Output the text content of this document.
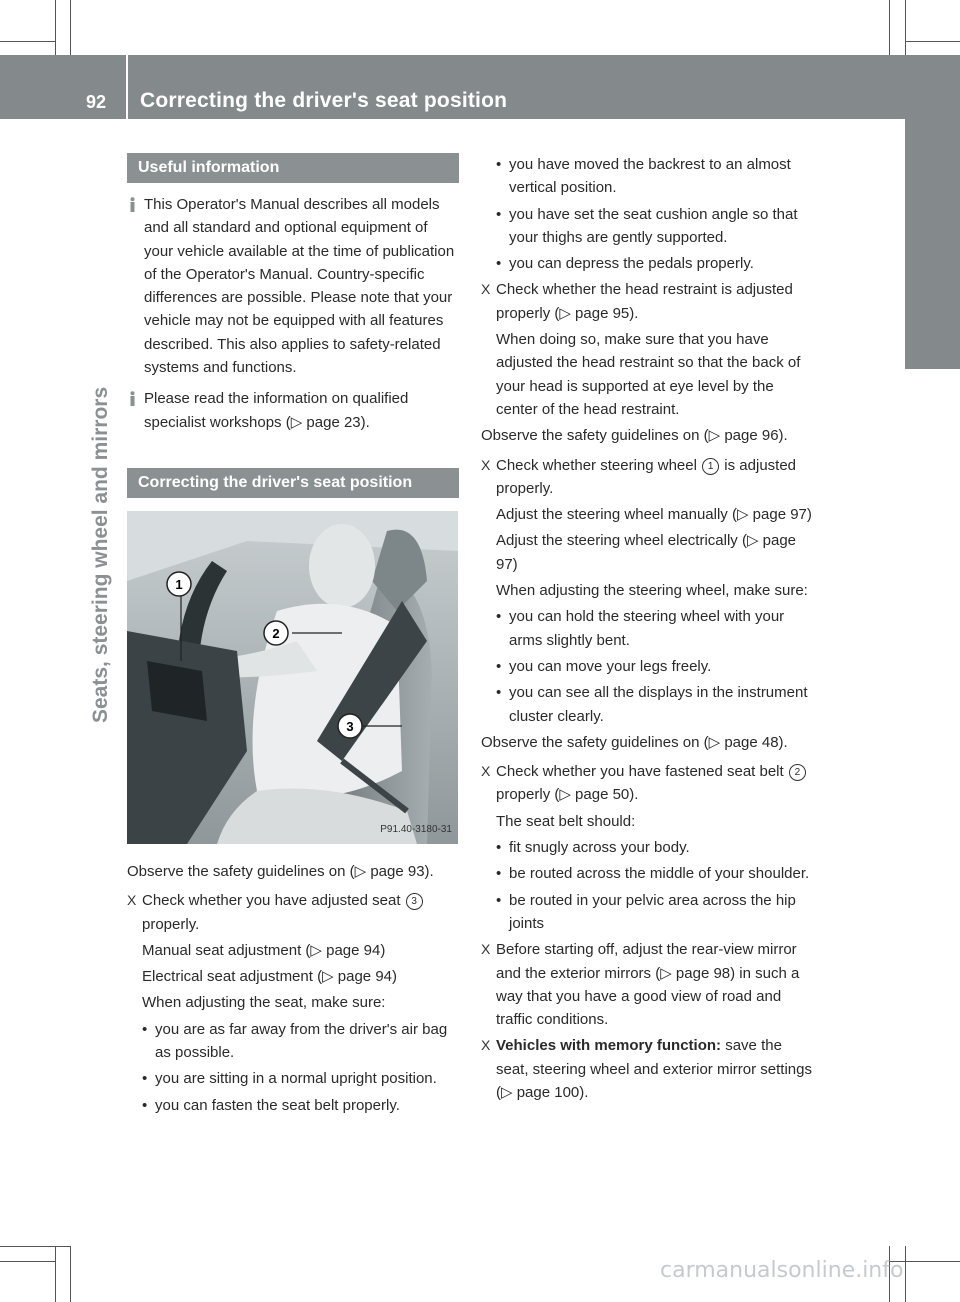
92 Correcting the driver's seat position
Seats, steering wheel and mirrors
Useful information
This Operator's Manual describes all models and all standard and optional equipment of your vehicle available at the time of publication of the Operator's Manual. Country-specific differences are possible. Please note that your vehicle may not be equipped with all features described. This also applies to safety-related systems and functions.
Please read the information on qualified specialist workshops (▷ page 23).
Correcting the driver's seat position
1
2
3
P91.40-3180-31

Observe the safety guidelines on (▷ page 93).

X Check whether you have adjusted seat 3 properly.
Manual seat adjustment (▷ page 94)
Electrical seat adjustment (▷ page 94)
When adjusting the seat, make sure:
• you are as far away from the driver's air bag as possible.
• you are sitting in a normal upright position.
• you can fasten the seat belt properly.
• you have moved the backrest to an almost vertical position.
• you have set the seat cushion angle so that your thighs are gently supported.
• you can depress the pedals properly.
X Check whether the head restraint is adjusted properly (▷ page 95).
When doing so, make sure that you have adjusted the head restraint so that the back of your head is supported at eye level by the center of the head restraint.

Observe the safety guidelines on (▷ page 96).

X Check whether steering wheel 1 is adjusted properly.
Adjust the steering wheel manually (▷ page 97)
Adjust the steering wheel electrically (▷ page 97)
When adjusting the steering wheel, make sure:
• you can hold the steering wheel with your arms slightly bent.
• you can move your legs freely.
• you can see all the displays in the instrument cluster clearly.

Observe the safety guidelines on (▷ page 48).

X Check whether you have fastened seat belt 2 properly (▷ page 50).
The seat belt should:
• fit snugly across your body.
• be routed across the middle of your shoulder.
• be routed in your pelvic area across the hip joints
X Before starting off, adjust the rear-view mirror and the exterior mirrors (▷ page 98) in such a way that you have a good view of road and traffic conditions.
X Vehicles with memory function: save the seat, steering wheel and exterior mirror settings (▷ page 100).
carmanualsonline.info
